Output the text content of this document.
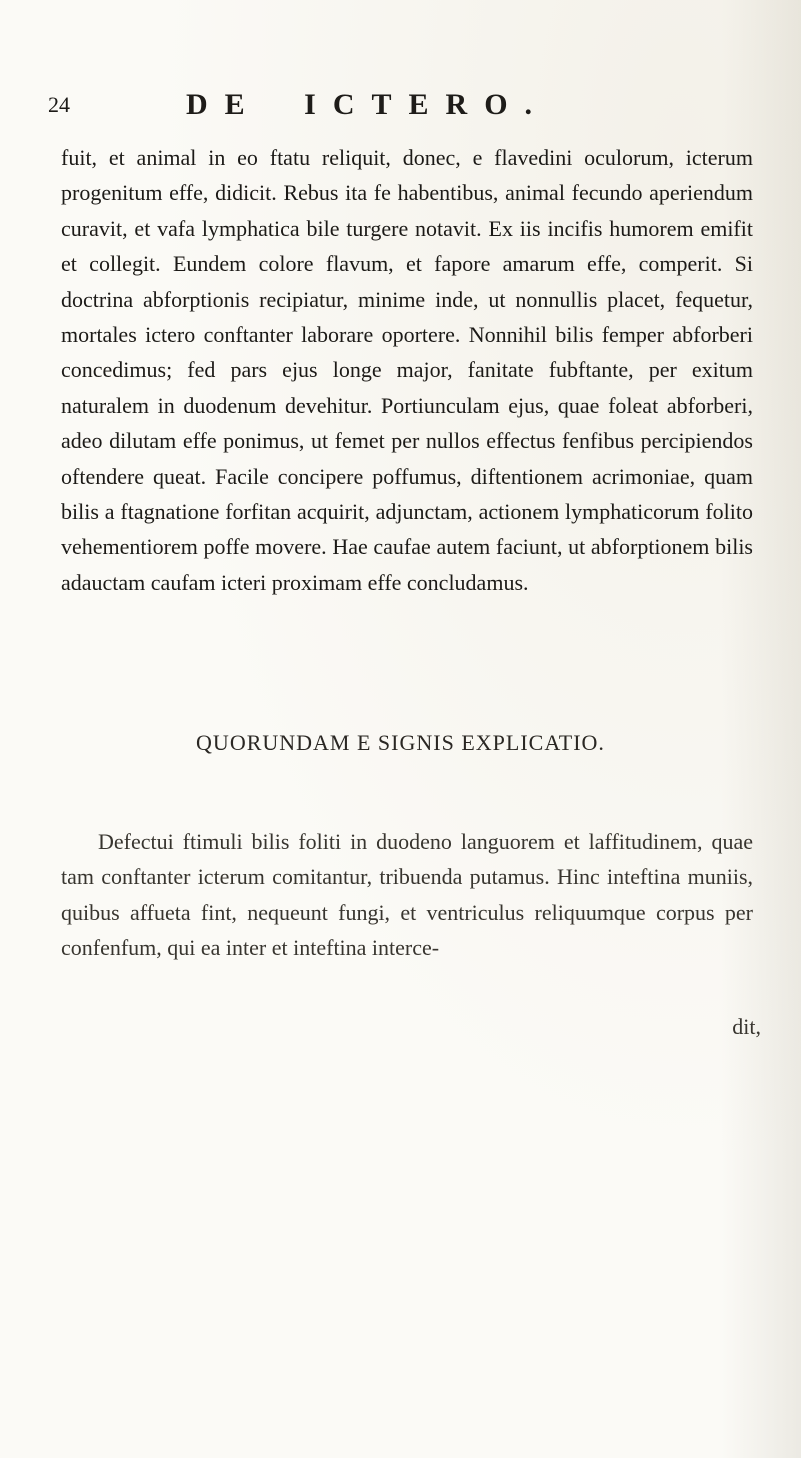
24	DE ICTERO.

fuit, et animal in eo ftatu reliquit, donec, e flavedini oculorum, icterum progenitum effe, didicit. Rebus ita fe habentibus, animal fecundo aperiendum curavit, et vafa lymphatica bile turgere notavit. Ex iis incifis humorem emifit et collegit. Eundem colore flavum, et fapore amarum effe, comperit. Si doctrina abforptionis recipiatur, minime inde, ut nonnullis placet, fequetur, mortales ictero conftanter laborare oportere. Nonnihil bilis femper abforberi concedimus; fed pars ejus longe major, fanitate fubftante, per exitum naturalem in duodenum devehitur. Portiunculam ejus, quae foleat abforberi, adeo dilutam effe ponimus, ut femet per nullos effectus fenfibus percipiendos oftendere queat. Facile concipere poffumus, diftentionem acrimoniae, quam bilis a ftagnatione forfitan acquirit, adjunctam, actionem lymphaticorum folito vehementiorem poffe movere. Hae caufae autem faciunt, ut abforptionem bilis adauctam caufam icteri proximam effe concludamus.

QUORUNDAM E SIGNIS EXPLICATIO.

Defectui ftimuli bilis foliti in duodeno languorem et laffitudinem, quae tam conftanter icterum comitantur, tribuenda putamus. Hinc inteftina muniis, quibus affueta fint, nequeunt fungi, et ventriculus reliquumque corpus per confenfum, qui ea inter et inteftina interce-

dit,
